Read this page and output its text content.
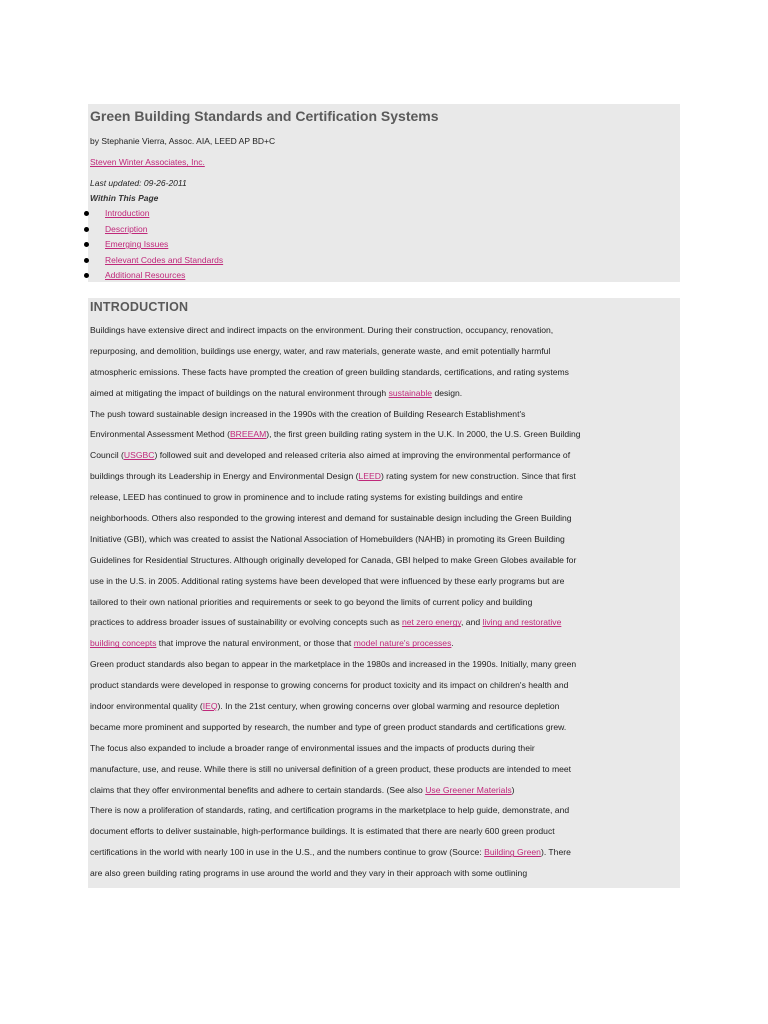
Green Building Standards and Certification Systems
by Stephanie Vierra, Assoc. AIA, LEED AP BD+C
Steven Winter Associates, Inc.
Last updated: 09-26-2011
Within This Page
Introduction
Description
Emerging Issues
Relevant Codes and Standards
Additional Resources
INTRODUCTION
Buildings have extensive direct and indirect impacts on the environment. During their construction, occupancy, renovation,
repurposing, and demolition, buildings use energy, water, and raw materials, generate waste, and emit potentially harmful
atmospheric emissions. These facts have prompted the creation of green building standards, certifications, and rating systems
aimed at mitigating the impact of buildings on the natural environment through sustainable design.
The push toward sustainable design increased in the 1990s with the creation of Building Research Establishment's
Environmental Assessment Method (BREEAM), the first green building rating system in the U.K. In 2000, the U.S. Green Building
Council (USGBC) followed suit and developed and released criteria also aimed at improving the environmental performance of
buildings through its Leadership in Energy and Environmental Design (LEED) rating system for new construction. Since that first
release, LEED has continued to grow in prominence and to include rating systems for existing buildings and entire
neighborhoods. Others also responded to the growing interest and demand for sustainable design including the Green Building
Initiative (GBI), which was created to assist the National Association of Homebuilders (NAHB) in promoting its Green Building
Guidelines for Residential Structures. Although originally developed for Canada, GBI helped to make Green Globes available for
use in the U.S. in 2005. Additional rating systems have been developed that were influenced by these early programs but are
tailored to their own national priorities and requirements or seek to go beyond the limits of current policy and building
practices to address broader issues of sustainability or evolving concepts such as net zero energy, and living and restorative
building concepts that improve the natural environment, or those that model nature's processes.
Green product standards also began to appear in the marketplace in the 1980s and increased in the 1990s. Initially, many green
product standards were developed in response to growing concerns for product toxicity and its impact on children's health and
indoor environmental quality (IEQ). In the 21st century, when growing concerns over global warming and resource depletion
became more prominent and supported by research, the number and type of green product standards and certifications grew.
The focus also expanded to include a broader range of environmental issues and the impacts of products during their
manufacture, use, and reuse. While there is still no universal definition of a green product, these products are intended to meet
claims that they offer environmental benefits and adhere to certain standards. (See also Use Greener Materials)
There is now a proliferation of standards, rating, and certification programs in the marketplace to help guide, demonstrate, and
document efforts to deliver sustainable, high-performance buildings. It is estimated that there are nearly 600 green product
certifications in the world with nearly 100 in use in the U.S., and the numbers continue to grow (Source: Building Green). There
are also green building rating programs in use around the world and they vary in their approach with some outlining
